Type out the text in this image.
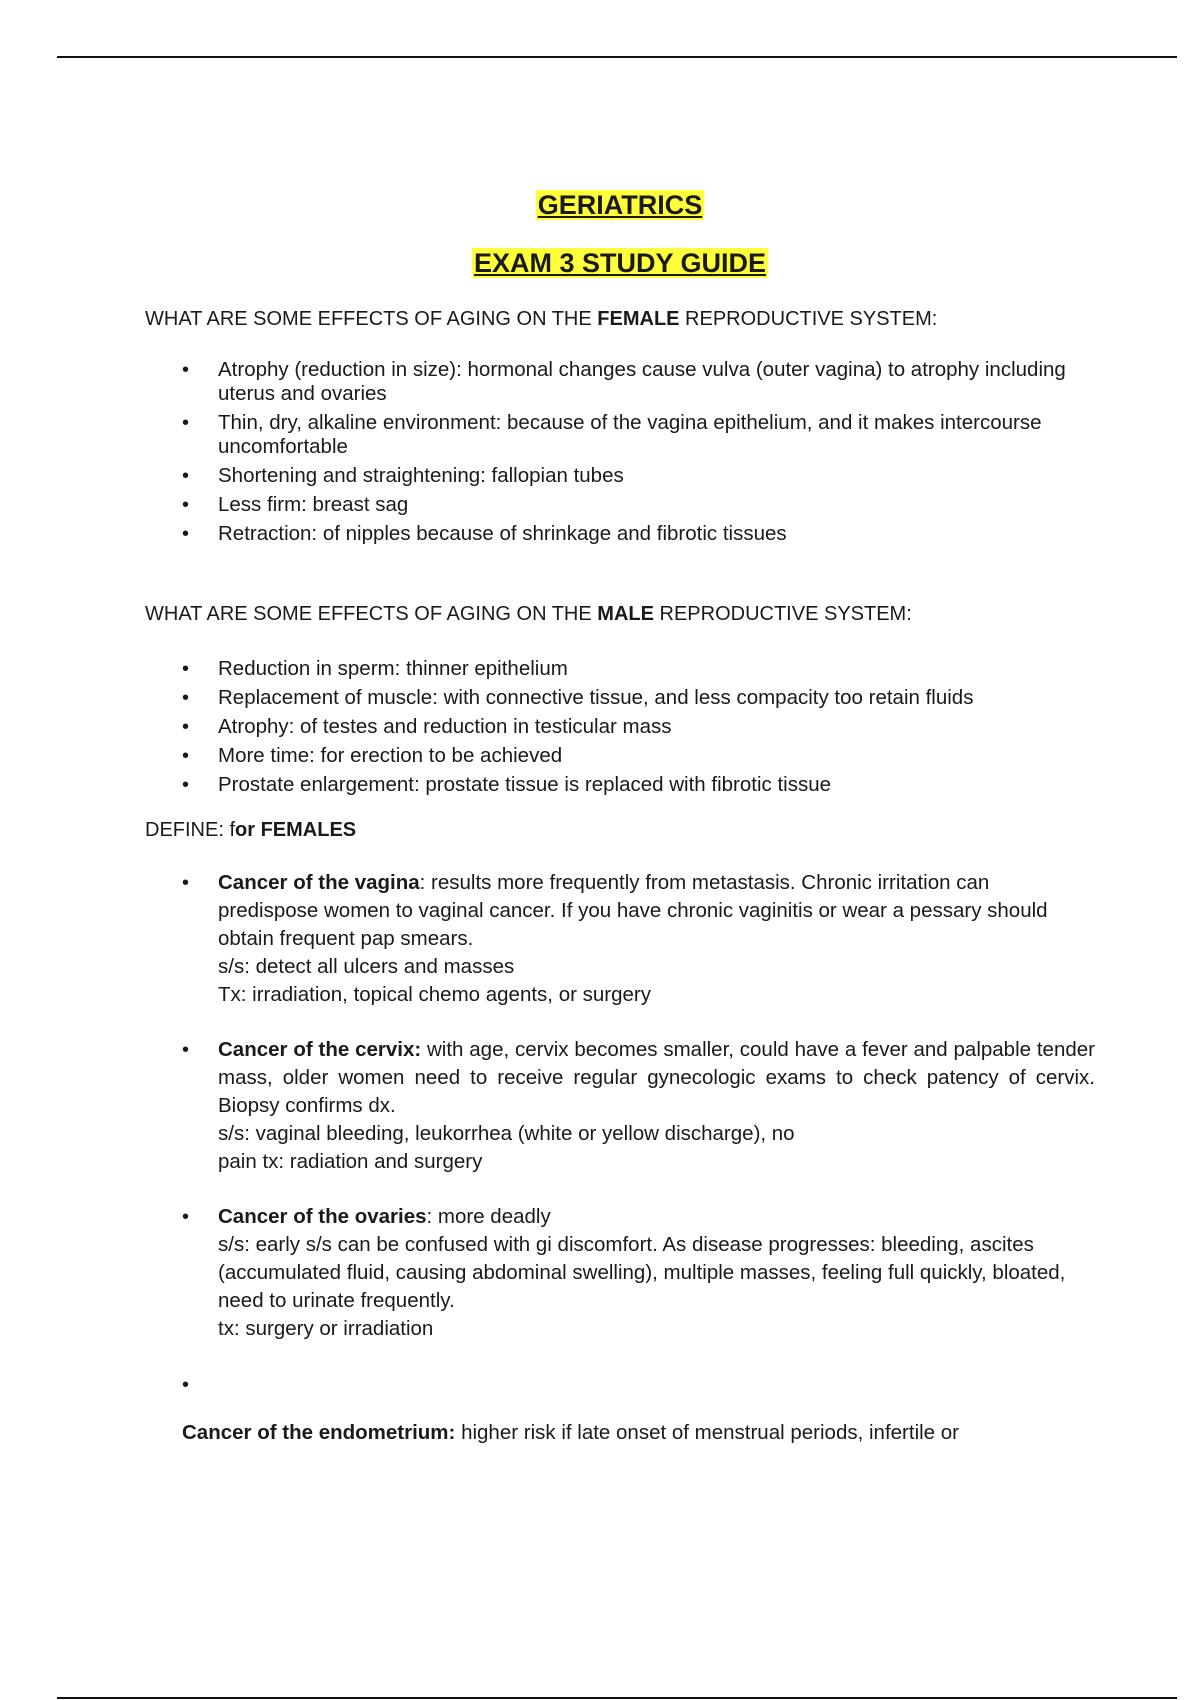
GERIATRICS

EXAM 3 STUDY GUIDE

WHAT ARE SOME EFFECTS OF AGING ON THE FEMALE REPRODUCTIVE SYSTEM:

• Atrophy (reduction in size): hormonal changes cause vulva (outer vagina) to atrophy including uterus and ovaries
• Thin, dry, alkaline environment: because of the vagina epithelium, and it makes intercourse uncomfortable
• Shortening and straightening: fallopian tubes
• Less firm: breast sag
• Retraction: of nipples because of shrinkage and fibrotic tissues

WHAT ARE SOME EFFECTS OF AGING ON THE MALE REPRODUCTIVE SYSTEM:

• Reduction in sperm: thinner epithelium
• Replacement of muscle: with connective tissue, and less compacity too retain fluids
• Atrophy: of testes and reduction in testicular mass
• More time: for erection to be achieved
• Prostate enlargement: prostate tissue is replaced with fibrotic tissue

DEFINE: for FEMALES

• Cancer of the vagina: results more frequently from metastasis. Chronic irritation can predispose women to vaginal cancer. If you have chronic vaginitis or wear a pessary should obtain frequent pap smears.
s/s: detect all ulcers and masses
Tx: irradiation, topical chemo agents, or surgery
• Cancer of the cervix: with age, cervix becomes smaller, could have a fever and palpable tender mass, older women need to receive regular gynecologic exams to check patency of cervix. Biopsy confirms dx.
s/s: vaginal bleeding, leukorrhea (white or yellow discharge), no
pain tx: radiation and surgery
• Cancer of the ovaries: more deadly
s/s: early s/s can be confused with gi discomfort. As disease progresses: bleeding, ascites (accumulated fluid, causing abdominal swelling), multiple masses, feeling full quickly, bloated, need to urinate frequently.
tx: surgery or irradiation
•

Cancer of the endometrium: higher risk if late onset of menstrual periods, infertile or
